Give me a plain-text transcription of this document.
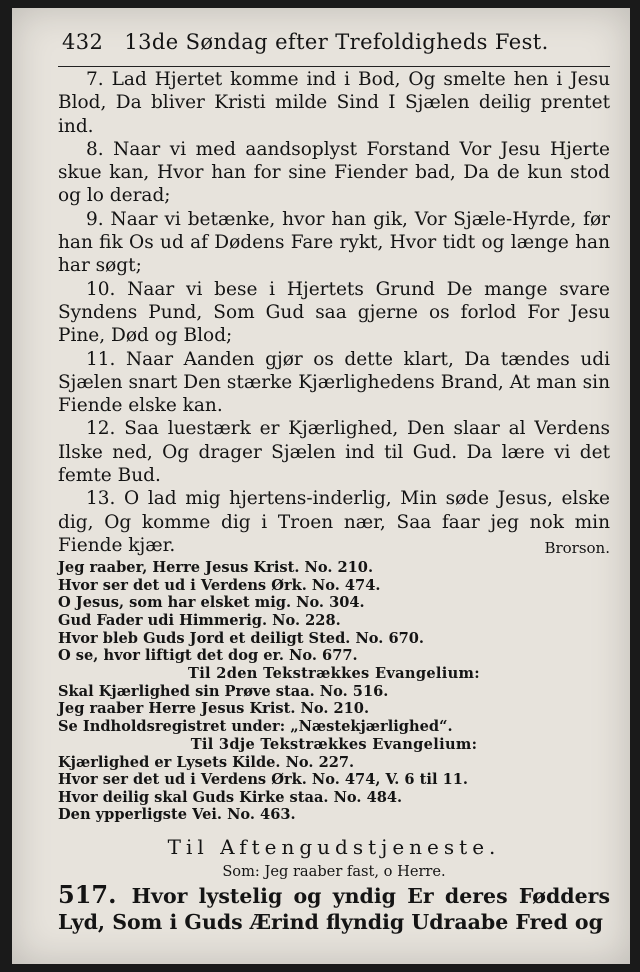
432 13de Søndag efter Trefoldigheds Fest.

7. Lad Hjertet komme ind i Bod, Og smelte hen i Jesu Blod, Da bliver Kristi milde Sind I Sjælen deilig prentet ind.

8. Naar vi med aandsoplyst Forstand Vor Jesu Hjerte skue kan, Hvor han for sine Fiender bad, Da de kun stod og lo derad;

9. Naar vi betænke, hvor han gik, Vor Sjæle-Hyrde, før han fik Os ud af Dødens Fare rykt, Hvor tidt og længe han har søgt;

10. Naar vi bese i Hjertets Grund De mange svare Syndens Pund, Som Gud saa gjerne os forlod For Jesu Pine, Død og Blod;

11. Naar Aanden gjør os dette klart, Da tændes udi Sjælen snart Den stærke Kjærlighedens Brand, At man sin Fiende elske kan.

12. Saa luestærk er Kjærlighed, Den slaar al Verdens Ilske ned, Og drager Sjælen ind til Gud. Da lære vi det femte Bud.

13. O lad mig hjertens-inderlig, Min søde Jesus, elske dig, Og komme dig i Troen nær, Saa faar jeg nok min Fiende kjær.	Brorson.

Jeg raaber, Herre Jesus Krist. No. 210.
Hvor ser det ud i Verdens Ørk. No. 474.
O Jesus, som har elsket mig. No. 304.
Gud Fader udi Himmerig. No. 228.
Hvor bleb Guds Jord et deiligt Sted. No. 670.
O se, hvor liftigt det dog er. No. 677.
Til 2den Tekstrækkes Evangelium:
Skal Kjærlighed sin Prøve staa. No. 516.
Jeg raaber Herre Jesus Krist. No. 210.
Se Indholdsregistret under: „Næstekjærlighed“.
Til 3dje Tekstrækkes Evangelium:
Kjærlighed er Lysets Kilde. No. 227.
Hvor ser det ud i Verdens Ørk. No. 474, V. 6 til 11.
Hvor deilig skal Guds Kirke staa. No. 484.
Den ypperligste Vei. No. 463.
Til Aftengudstjeneste.
Som: Jeg raaber fast, o Herre.
517. Hvor lystelig og yndig Er deres Fødders Lyd, Som i Guds Ærind flyndig Udraabe Fred og
